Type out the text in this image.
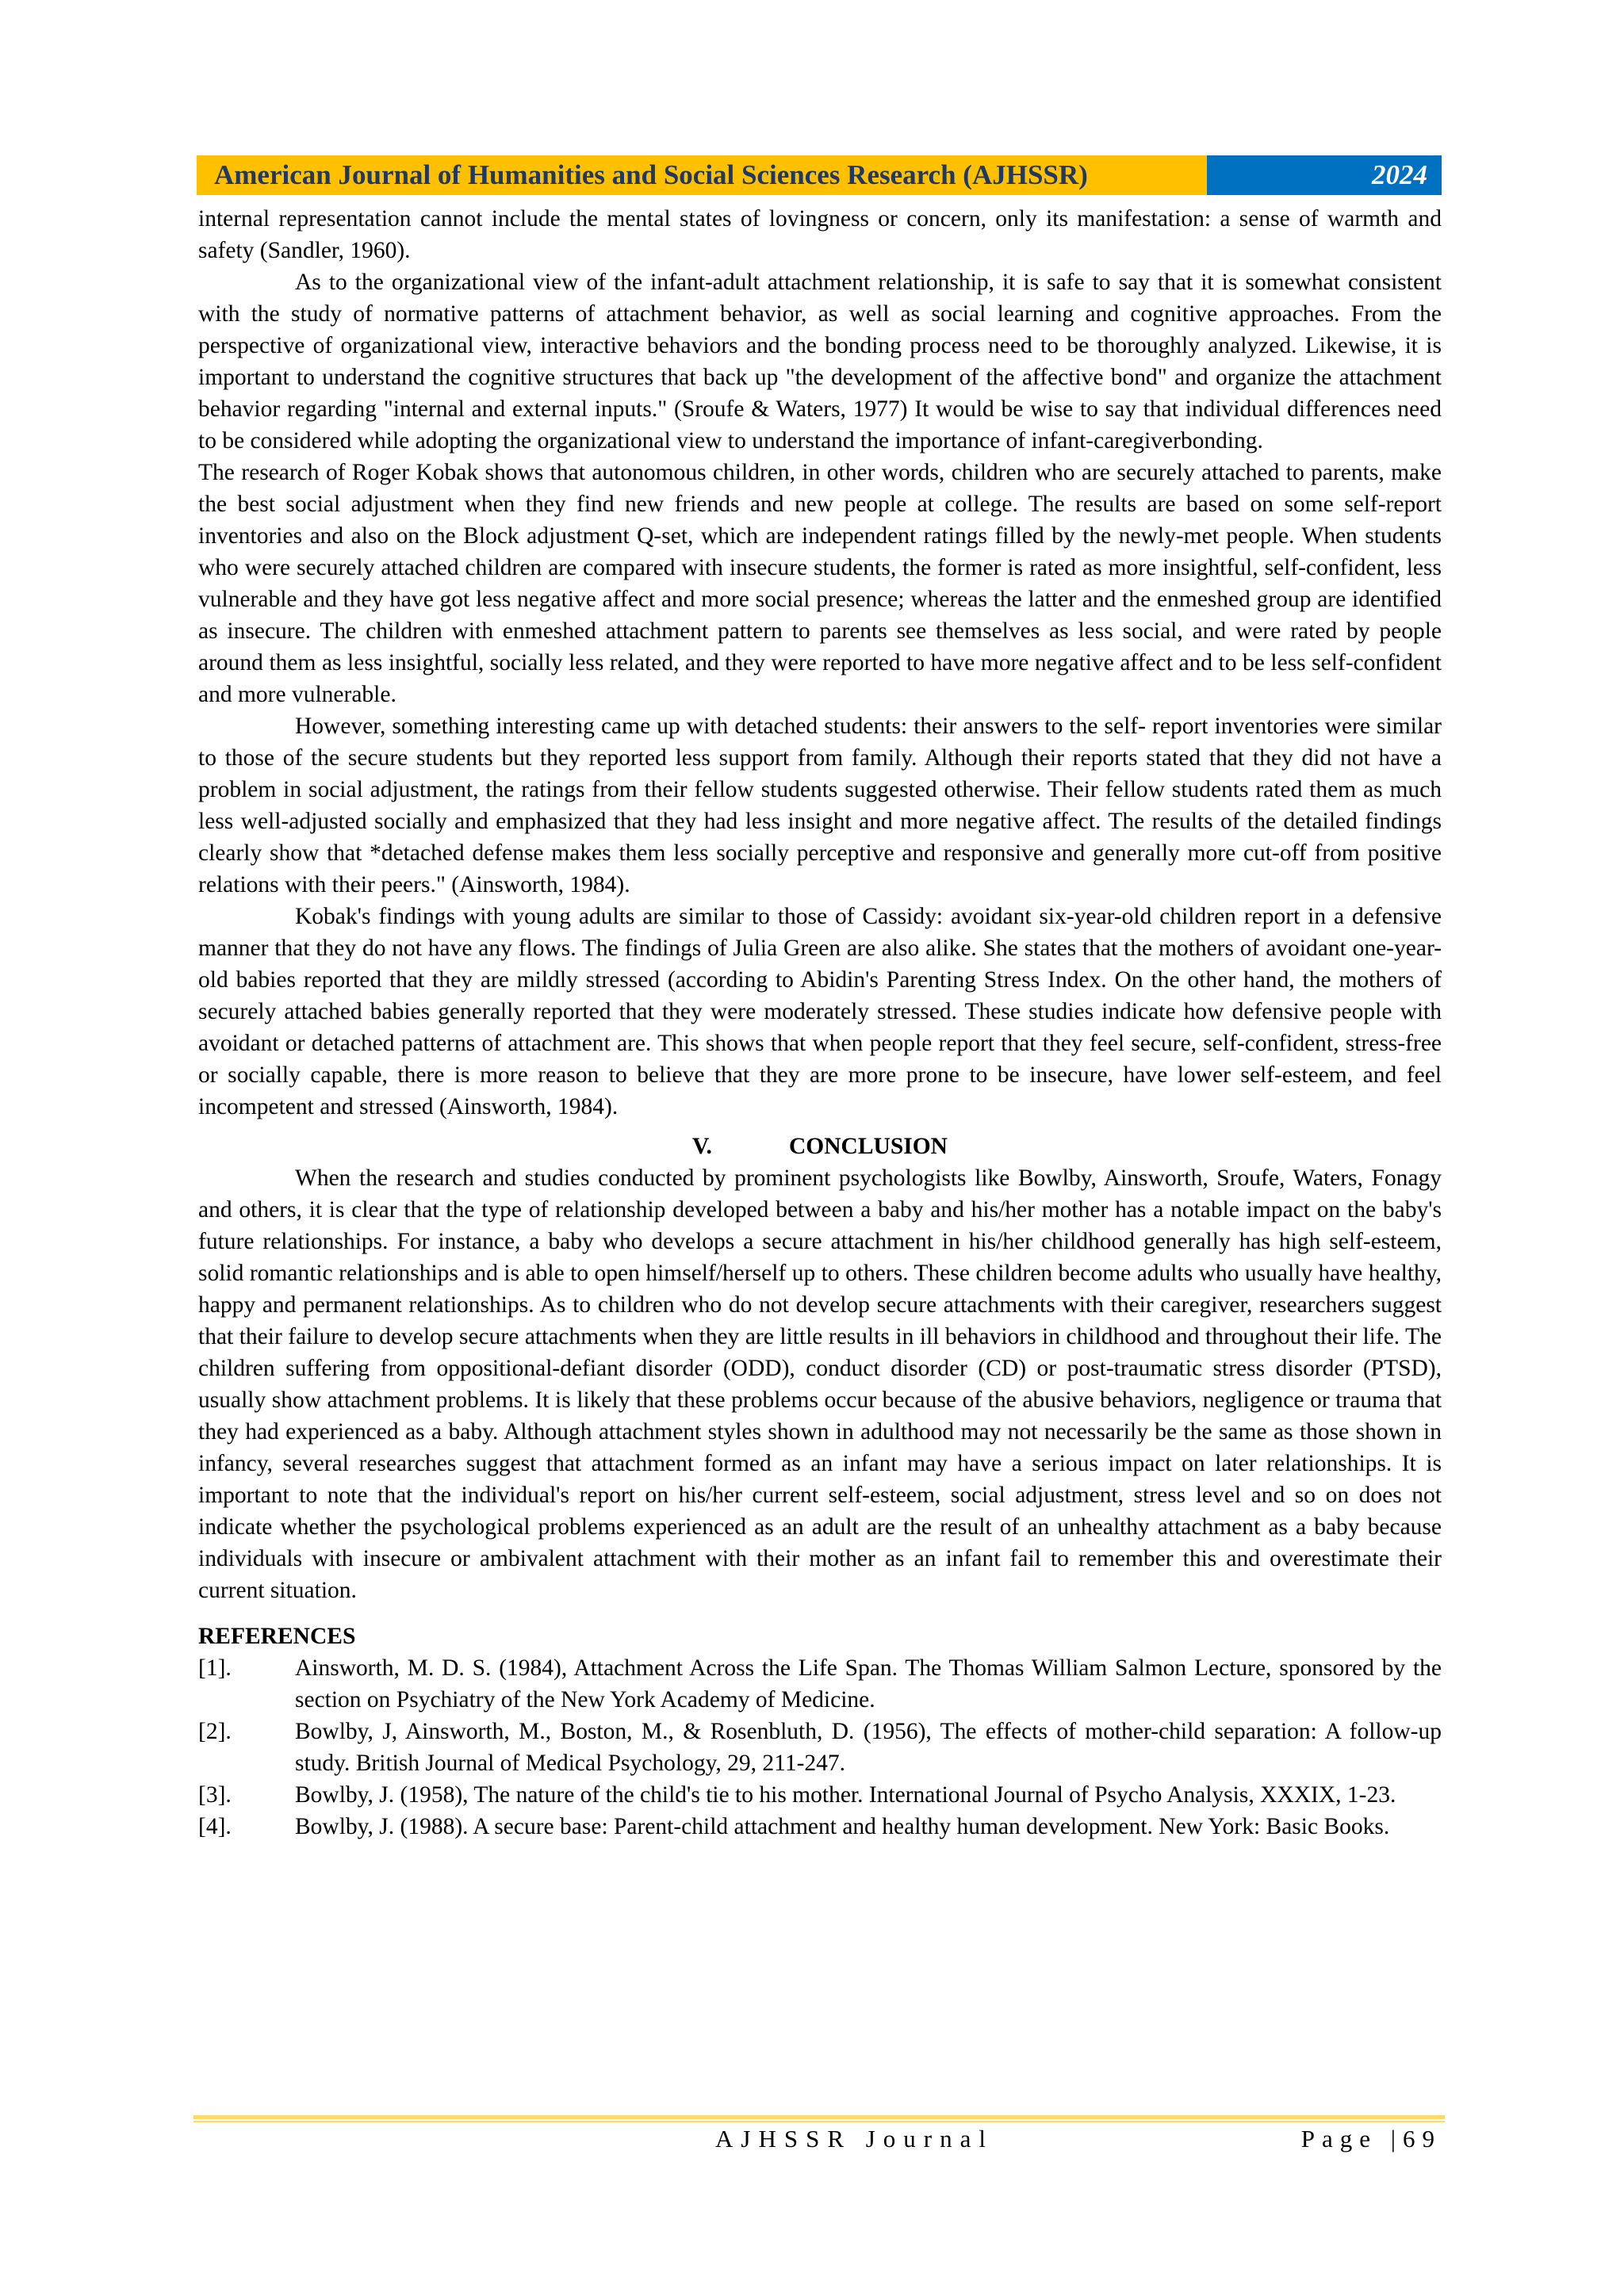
American Journal of Humanities and Social Sciences Research (AJHSSR)	2024

internal representation cannot include the mental states of lovingness or concern, only its manifestation: a sense of warmth and safety (Sandler, 1960).

As to the organizational view of the infant-adult attachment relationship, it is safe to say that it is somewhat consistent with the study of normative patterns of attachment behavior, as well as social learning and cognitive approaches. From the perspective of organizational view, interactive behaviors and the bonding process need to be thoroughly analyzed. Likewise, it is important to understand the cognitive structures that back up "the development of the affective bond" and organize the attachment behavior regarding "internal and external inputs." (Sroufe & Waters, 1977) It would be wise to say that individual differences need to be considered while adopting the organizational view to understand the importance of infant-caregiverbonding.

The research of Roger Kobak shows that autonomous children, in other words, children who are securely attached to parents, make the best social adjustment when they find new friends and new people at college. The results are based on some self-report inventories and also on the Block adjustment Q-set, which are independent ratings filled by the newly-met people. When students who were securely attached children are compared with insecure students, the former is rated as more insightful, self-confident, less vulnerable and they have got less negative affect and more social presence; whereas the latter and the enmeshed group are identified as insecure. The children with enmeshed attachment pattern to parents see themselves as less social, and were rated by people around them as less insightful, socially less related, and they were reported to have more negative affect and to be less self-confident and more vulnerable.

However, something interesting came up with detached students: their answers to the self- report inventories were similar to those of the secure students but they reported less support from family. Although their reports stated that they did not have a problem in social adjustment, the ratings from their fellow students suggested otherwise. Their fellow students rated them as much less well-adjusted socially and emphasized that they had less insight and more negative affect. The results of the detailed findings clearly show that *detached defense makes them less socially perceptive and responsive and generally more cut-off from positive relations with their peers." (Ainsworth, 1984).

Kobak's findings with young adults are similar to those of Cassidy: avoidant six-year-old children report in a defensive manner that they do not have any flows. The findings of Julia Green are also alike. She states that the mothers of avoidant one-year-old babies reported that they are mildly stressed (according to Abidin's Parenting Stress Index. On the other hand, the mothers of securely attached babies generally reported that they were moderately stressed. These studies indicate how defensive people with avoidant or detached patterns of attachment are. This shows that when people report that they feel secure, self-confident, stress-free or socially capable, there is more reason to believe that they are more prone to be insecure, have lower self-esteem, and feel incompetent and stressed (Ainsworth, 1984).

V.	CONCLUSION

When the research and studies conducted by prominent psychologists like Bowlby, Ainsworth, Sroufe, Waters, Fonagy and others, it is clear that the type of relationship developed between a baby and his/her mother has a notable impact on the baby's future relationships. For instance, a baby who develops a secure attachment in his/her childhood generally has high self-esteem, solid romantic relationships and is able to open himself/herself up to others. These children become adults who usually have healthy, happy and permanent relationships. As to children who do not develop secure attachments with their caregiver, researchers suggest that their failure to develop secure attachments when they are little results in ill behaviors in childhood and throughout their life. The children suffering from oppositional-defiant disorder (ODD), conduct disorder (CD) or post-traumatic stress disorder (PTSD), usually show attachment problems. It is likely that these problems occur because of the abusive behaviors, negligence or trauma that they had experienced as a baby. Although attachment styles shown in adulthood may not necessarily be the same as those shown in infancy, several researches suggest that attachment formed as an infant may have a serious impact on later relationships. It is important to note that the individual's report on his/her current self-esteem, social adjustment, stress level and so on does not indicate whether the psychological problems experienced as an adult are the result of an unhealthy attachment as a baby because individuals with insecure or ambivalent attachment with their mother as an infant fail to remember this and overestimate their current situation.

REFERENCES

[1].	Ainsworth, M. D. S. (1984), Attachment Across the Life Span. The Thomas William Salmon Lecture, sponsored by the section on Psychiatry of the New York Academy of Medicine.
[2].	Bowlby, J, Ainsworth, M., Boston, M., & Rosenbluth, D. (1956), The effects of mother-child separation: A follow-up study. British Journal of Medical Psychology, 29, 211-247.
[3].	Bowlby, J. (1958), The nature of the child's tie to his mother. International Journal of Psycho Analysis, XXXIX, 1-23.
[4].	Bowlby, J. (1988). A secure base: Parent-child attachment and healthy human development. New York: Basic Books.
AJHSSR Journal	Page |69
